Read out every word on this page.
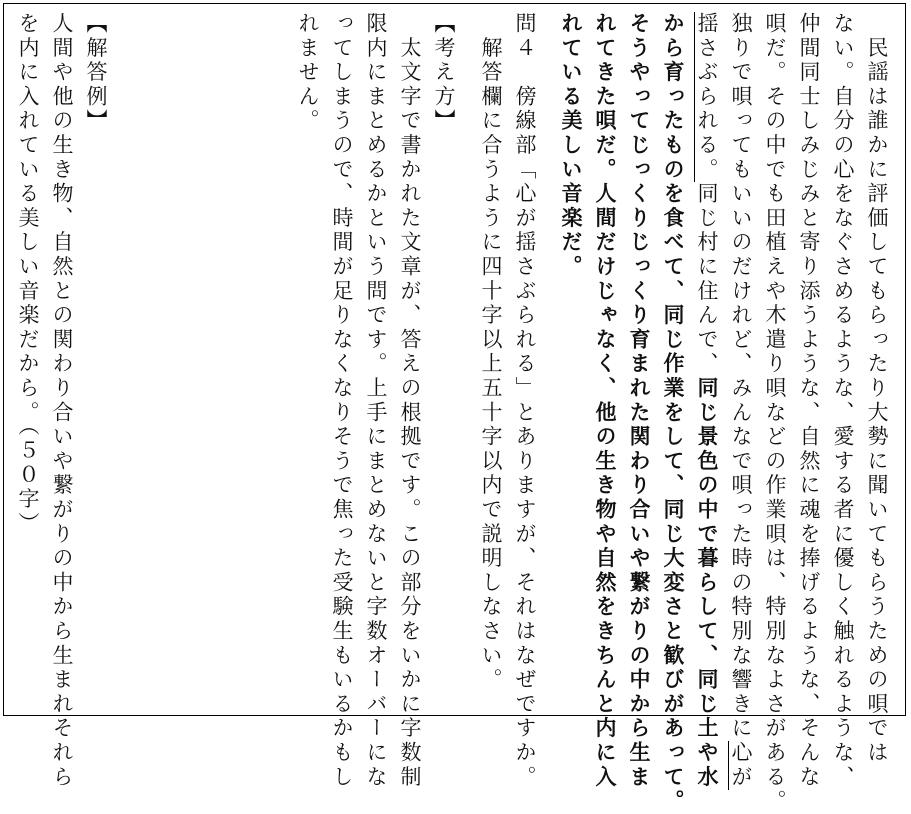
　民謡は誰かに評価してもらったり大勢に聞いてもらうための唄では
ない。自分の心をなぐさめるような、愛する者に優しく触れるような、
仲間同士しみじみと寄り添うような、自然に魂を捧げるような、そんな
唄だ。その中でも田植えや木遣り唄などの作業唄は、特別なよさがある。
独りで唄ってもいいのだけれど、みんなで唄った時の特別な響きに心が
揺さぶられる。同じ村に住んで、同じ景色の中で暮らして、同じ土や水
から育ったものを食べて、同じ作業をして、同じ大変さと歓びがあって。
そうやってじっくりじっくり育まれた関わり合いや繋がりの中から生ま
れてきた唄だ。人間だけじゃなく、他の生き物や自然をきちんと内に入
れている美しい音楽だ。
問４　傍線部「心が揺さぶられる」とありますが、それはなぜですか。
　解答欄に合うように四十字以上五十字以内で説明しなさい。
【考え方】
　太文字で書かれた文章が、答えの根拠です。この部分をいかに字数制
限内にまとめるかという問です。上手にまとめないと字数オーバーにな
ってしまうので、時間が足りなくなりそうで焦った受験生もいるかもし
れません。
【解答例】
人間や他の生き物、自然との関わり合いや繋がりの中から生まれそれら
を内に入れている美しい音楽だから。（５０字）
